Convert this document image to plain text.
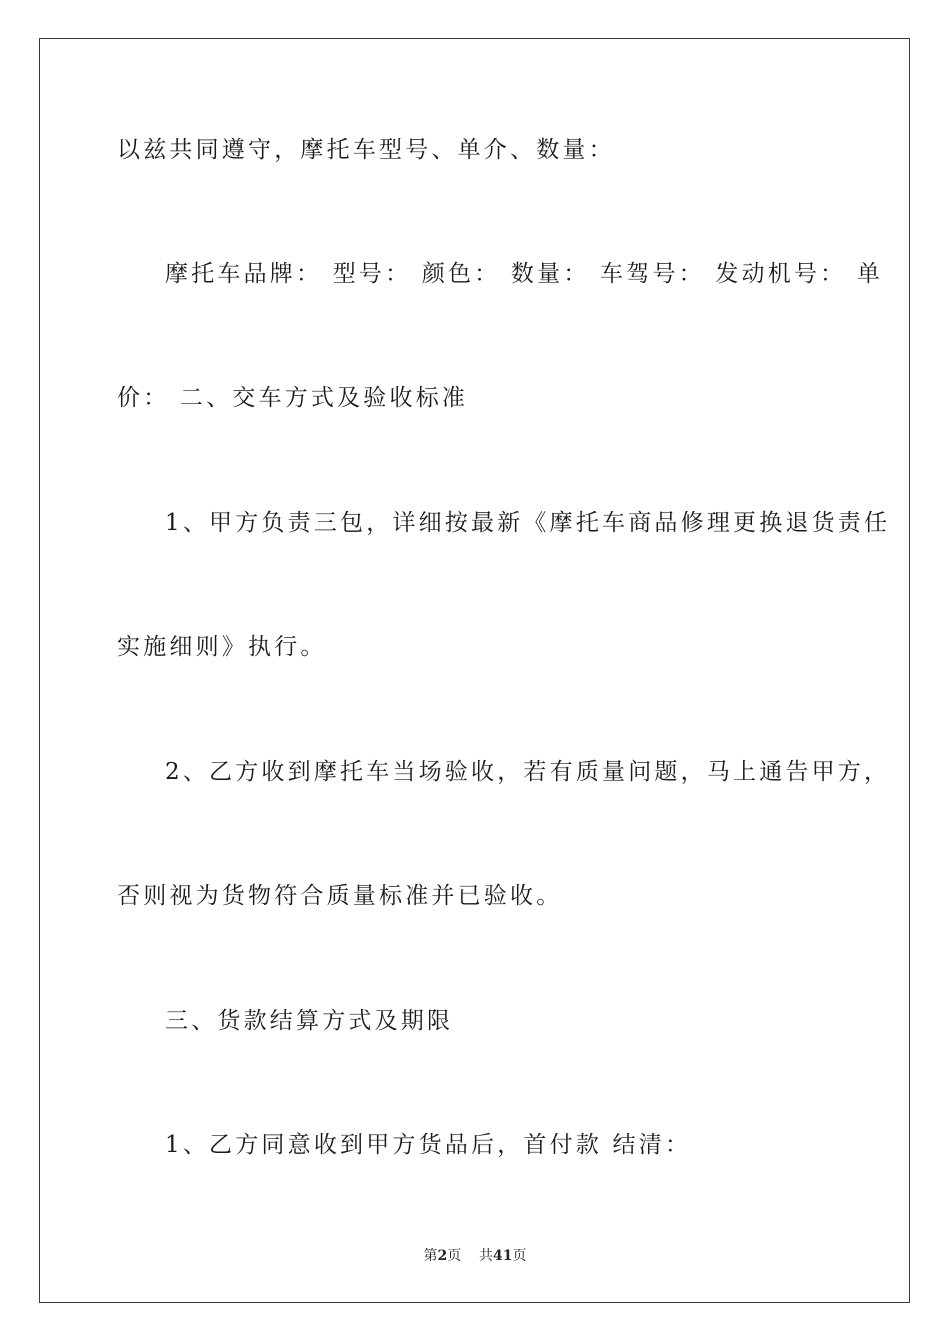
以兹共同遵守，摩托车型号、单介、数量：
摩托车品牌： 型号： 颜色： 数量： 车驾号： 发动机号： 单
价： 二、交车方式及验收标准
1、甲方负责三包，详细按最新《摩托车商品修理更换退货责任
实施细则》执行。
2、乙方收到摩托车当场验收，若有质量问题，马上通告甲方，
否则视为货物符合质量标准并已验收。
三、货款结算方式及期限
1、乙方同意收到甲方货品后，首付款 结清：
第2页 共41页
